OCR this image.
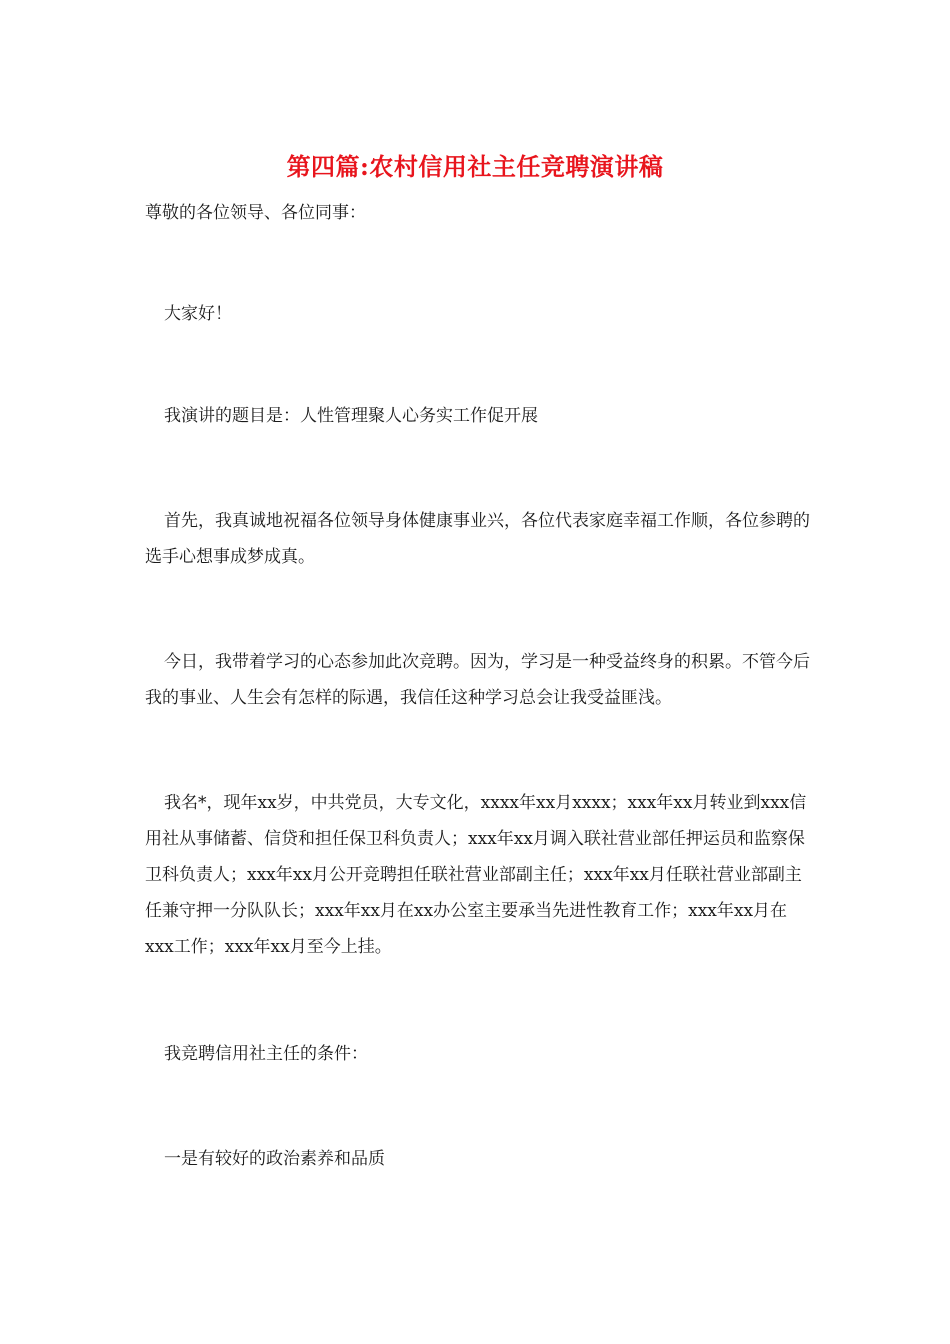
第四篇:农村信用社主任竞聘演讲稿

尊敬的各位领导、各位同事：

大家好！

我演讲的题目是：人性管理聚人心务实工作促开展

首先，我真诚地祝福各位领导身体健康事业兴，各位代表家庭幸福工作顺，各位参聘的选手心想事成梦成真。

今日，我带着学习的心态参加此次竞聘。因为，学习是一种受益终身的积累。不管今后我的事业、人生会有怎样的际遇，我信任这种学习总会让我受益匪浅。

我名*，现年xx岁，中共党员，大专文化，xxxx年xx月xxxx；xxx年xx月转业到xxx信用社从事储蓄、信贷和担任保卫科负责人；xxx年xx月调入联社营业部任押运员和监察保卫科负责人；xxx年xx月公开竞聘担任联社营业部副主任；xxx年xx月任联社营业部副主任兼守押一分队队长；xxx年xx月在xx办公室主要承当先进性教育工作；xxx年xx月在xxx工作；xxx年xx月至今上挂。

我竞聘信用社主任的条件：

一是有较好的政治素养和品质
